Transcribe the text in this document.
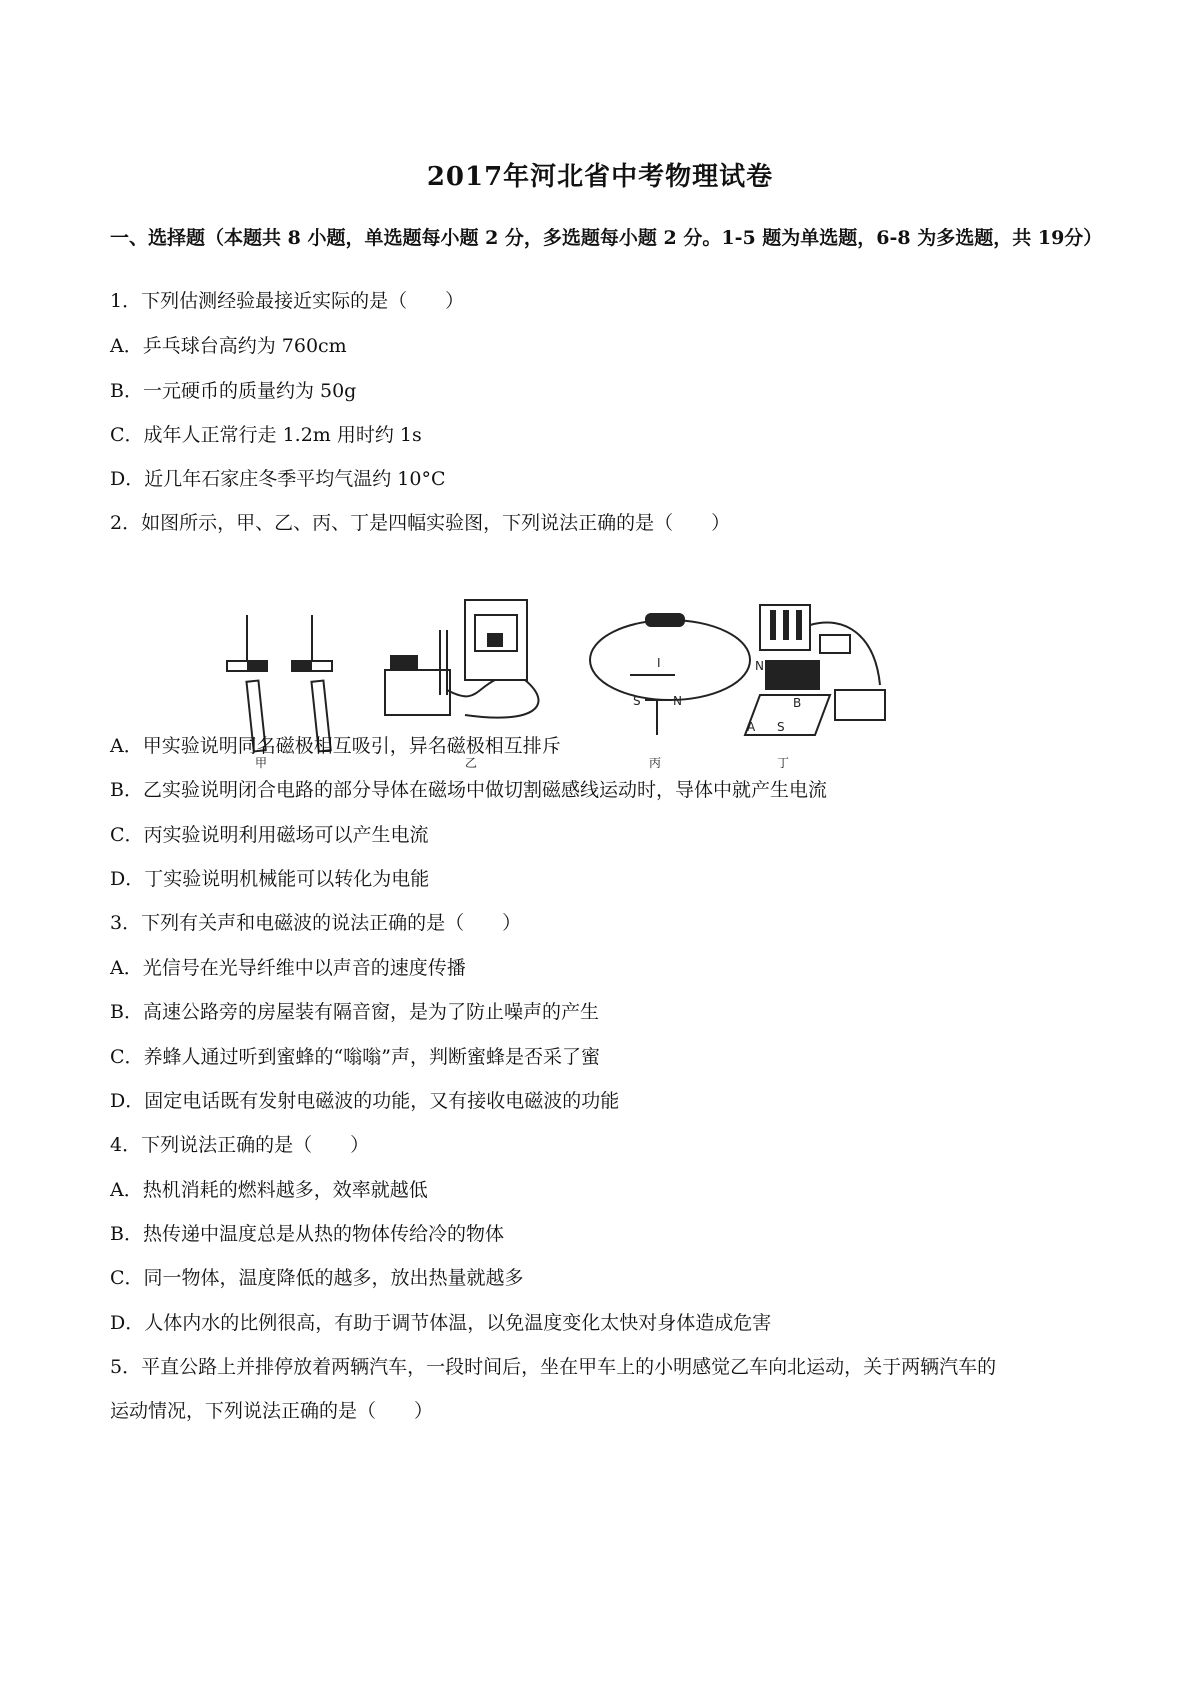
2017年河北省中考物理试卷
一、选择题（本题共 8 小题，单选题每小题 2 分，多选题每小题 2 分。1-5 题为单选题，6-8 为多选题，共 19分）
1．下列估测经验最接近实际的是（　　）
A．乒乓球台高约为 760cm
B．一元硬币的质量约为 50g
C．成年人正常行走 1.2m 用时约 1s
D．近几年石家庄冬季平均气温约 10°C
2．如图所示，甲、乙、丙、丁是四幅实验图，下列说法正确的是（　　）
甲	乙
I
S	N
丙
N
B
A S
丁
A．甲实验说明同名磁极相互吸引，异名磁极相互排斥
B．乙实验说明闭合电路的部分导体在磁场中做切割磁感线运动时，导体中就产生电流
C．丙实验说明利用磁场可以产生电流
D．丁实验说明机械能可以转化为电能
3．下列有关声和电磁波的说法正确的是（　　）
A．光信号在光导纤维中以声音的速度传播
B．高速公路旁的房屋装有隔音窗，是为了防止噪声的产生
C．养蜂人通过听到蜜蜂的“嗡嗡”声，判断蜜蜂是否采了蜜
D．固定电话既有发射电磁波的功能，又有接收电磁波的功能
4．下列说法正确的是（　　）
A．热机消耗的燃料越多，效率就越低
B．热传递中温度总是从热的物体传给冷的物体
C．同一物体，温度降低的越多，放出热量就越多
D．人体内水的比例很高，有助于调节体温，以免温度变化太快对身体造成危害
5．平直公路上并排停放着两辆汽车，一段时间后，坐在甲车上的小明感觉乙车向北运动，关于两辆汽车的
运动情况，下列说法正确的是（　　）
